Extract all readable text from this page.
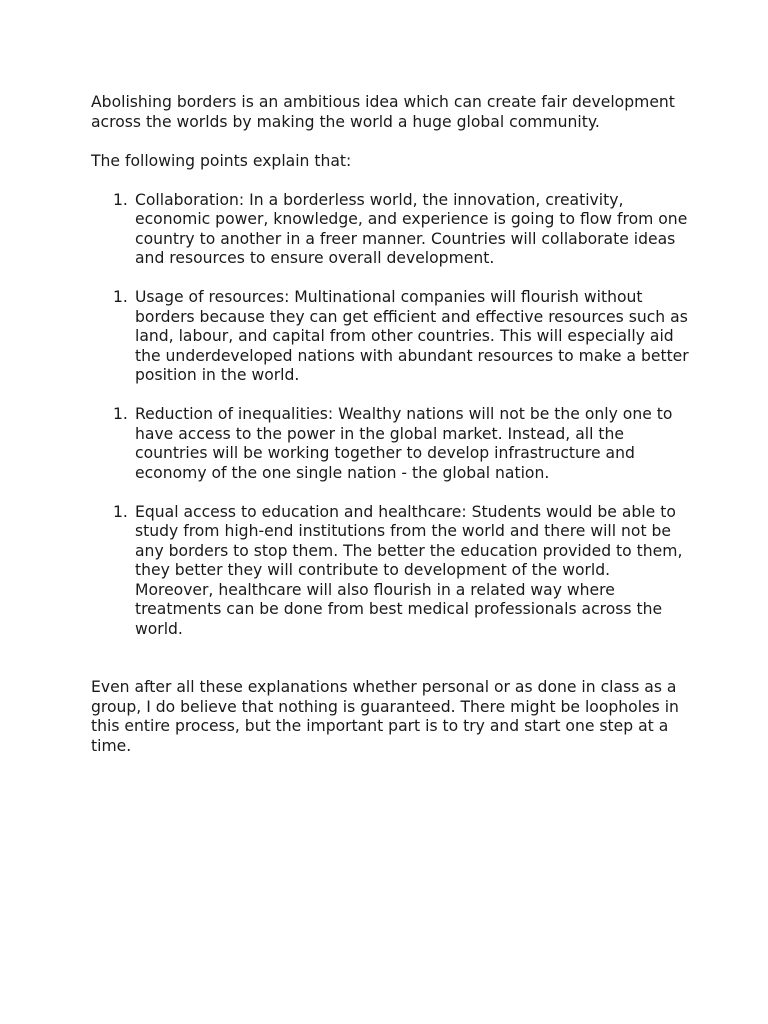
Abolishing borders is an ambitious idea which can create fair development across the worlds by making the world a huge global community.

The following points explain that:

1. Collaboration: In a borderless world, the innovation, creativity, economic power, knowledge, and experience is going to flow from one country to another in a freer manner. Countries will collaborate ideas and resources to ensure overall development.
1. Usage of resources: Multinational companies will flourish without borders because they can get efficient and effective resources such as land, labour, and capital from other countries. This will especially aid the underdeveloped nations with abundant resources to make a better position in the world.
1. Reduction of inequalities: Wealthy nations will not be the only one to have access to the power in the global market. Instead, all the countries will be working together to develop infrastructure and economy of the one single nation - the global nation.
1. Equal access to education and healthcare: Students would be able to study from high-end institutions from the world and there will not be any borders to stop them. The better the education provided to them, they better they will contribute to development of the world. Moreover, healthcare will also flourish in a related way where treatments can be done from best medical professionals across the world.

Even after all these explanations whether personal or as done in class as a group, I do believe that nothing is guaranteed. There might be loopholes in this entire process, but the important part is to try and start one step at a time.
